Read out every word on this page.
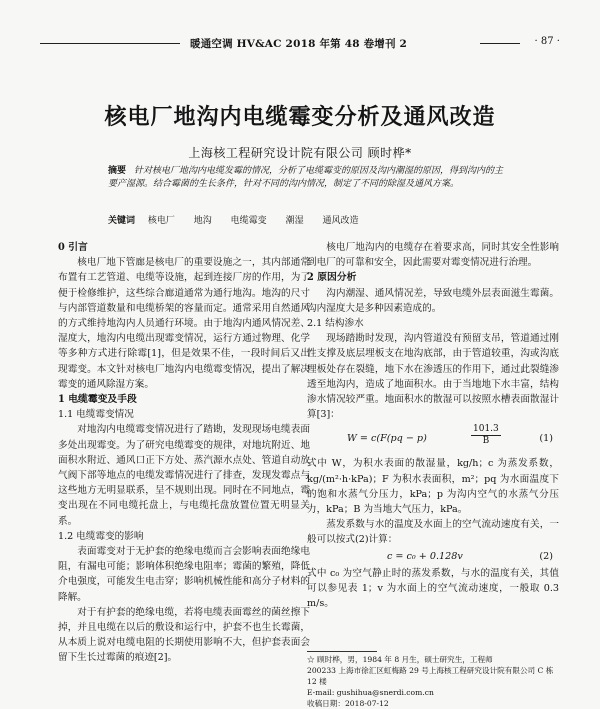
暖通空调 HV&AC 2018 年第 48 卷增刊 2	· 87 ·
核电厂地沟内电缆霉变分析及通风改造
上海核工程研究设计院有限公司 顾时桦*
摘要 针对核电厂地沟内电缆发霉的情况，分析了电缆霉变的原因及沟内潮湿的原因，得到沟内的主要产湿源。结合霉菌的生长条件，针对不同的沟内情况，制定了不同的除湿及通风方案。
关键词 核电厂 地沟 电缆霉变 潮湿 通风改造

0 引言

核电厂地下管廊是核电厂的重要设施之一，其内部通常布置有工艺管道、电缆等设施，起到连接厂房的作用，为了便于检修维护，这些综合廊道通常为通行地沟。地沟的尺寸与内部管道数量和电缆桥架的容量而定。通常采用自然通风的方式维持地沟内人员通行环境。由于地沟内通风情况差、湿度大，地沟内电缆出现霉变情况，运行方通过物理、化学等多种方式进行除霉[1]，但是效果不佳，一段时间后又出现霉变。本文针对核电厂地沟内电缆霉变情况，提出了解决霉变的通风除湿方案。

1 电缆霉变及手段

1.1 电缆霉变情况

对地沟内电缆霉变情况进行了踏勘，发现现场电缆表面多处出现霉变。为了研究电缆霉变的规律，对地坑附近、地面积水附近、通风口正下方处、蒸汽源水点处、管道自动放气阀下部等地点的电缆发霉情况进行了排查，发现发霉点与这些地方无明显联系，呈不规则出现。同时在不同地点，霉变出现在不同电缆托盘上，与电缆托盘放置位置无明显关系。

1.2 电缆霉变的影响

表面霉变对于无护套的绝缘电缆而言会影响表面绝缘电阻，有漏电可能；影响体积绝缘电阻率；霉菌的繁殖，降低介电强度，可能发生电击穿；影响机械性能和高分子材料的降解。

对于有护套的绝缘电缆，若将电缆表面霉丝的菌丝擦下掉，并且电缆在以后的敷设和运行中，护套不也生长霉菌，从本质上说对电缆电阻的长期使用影响不大，但护套表面会留下生长过霉菌的痕迹[2]。

核电厂地沟内的电缆存在着要求高，同时其安全性影响到电厂的可靠和安全，因此需要对霉变情况进行治理。

2 原因分析

沟内潮湿、通风情况差，导致电缆外层表面滋生霉菌。沟内湿度大是多种因素造成的。

2.1 结构渗水

现场踏勘时发现，沟内管道没有预留支吊，管道通过刚性支撑及底层埋板支在地沟底部，由于管道较重，沟或沟底埋板处存在裂缝，地下水在渗透压的作用下，通过此裂缝渗透至地沟内，造成了地面积水。由于当地地下水丰富，结构渗水情况较严重。地面积水的散湿可以按照水槽表面散湿计算[3]：

W = c(F(pq − p)	$\frac{101.3}{B}$	(1)

式中 W，为积水表面的散湿量，kg/h；c 为蒸发系数，kg/(m²·h·kPa)；F 为积水表面积，m²；pq 为水面温度下的饱和水蒸气分压力，kPa；p 为沟内空气的水蒸气分压力，kPa；B 为当地大气压力，kPa。

蒸发系数与水的温度及水面上的空气流动速度有关，一般可以按式(2)计算：

c = c₀ + 0.128v	(2)

式中 c₀ 为空气静止时的蒸发系数，与水的温度有关，其值可以参见表 1；v 为水面上的空气流动速度，一般取 0.3 m/s。

☆ 顾时桦，男，1984 年 8 月生，硕士研究生，工程师
200233 上海市徐汇区虹梅路 29 号上海核工程研究设计院有限公司 C 栋 12 楼
E-mail: gushihua@snerdi.com.cn
收稿日期：2018-07-12
